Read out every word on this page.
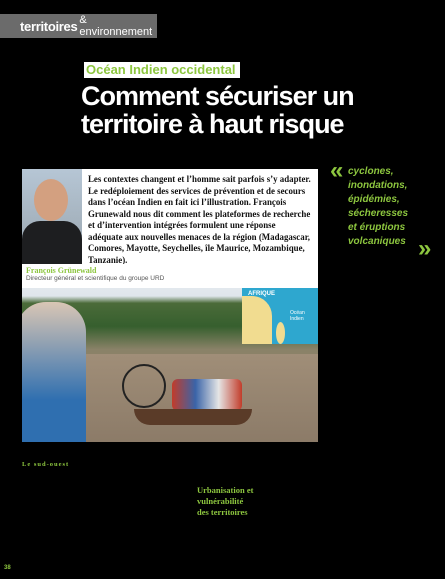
territoires & environnement
Océan Indien occidental
Comment sécuriser un territoire à haut risque
« cyclones,
inondations,
épidémies,
sécheresses
et éruptions
volcaniques »
Les contextes changent et l’homme sait parfois s’y adapter. Le redéploiement des services de prévention et de secours dans l’océan Indien en fait ici l’illustration. François Grunewald nous dit comment les plateformes de recherche et d’intervention intégrées formulent une réponse adéquate aux nouvelles menaces de la région (Madagascar, Comores, Mayotte, Seychelles, île Maurice, Mozambique, Tanzanie).
François Grünewald
Directeur général et scientifique du groupe URD
AFRIQUE
Océan Indien
Le sud-ouest
Urbanisation et
vulnérabilité
des territoires
38
